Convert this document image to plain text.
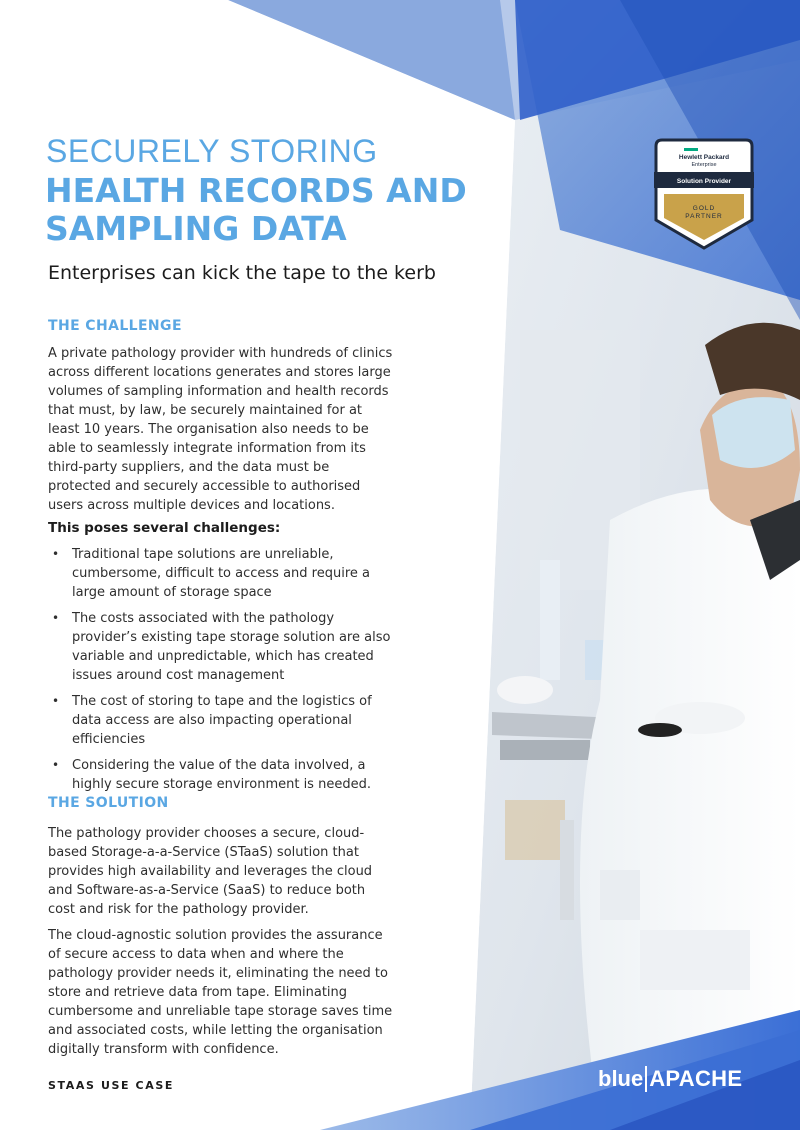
SECURELY STORING
HEALTH RECORDS AND
SAMPLING DATA
Enterprises can kick the tape to the kerb
THE CHALLENGE

A private pathology provider with hundreds of clinics across different locations generates and stores large volumes of sampling information and health records that must, by law, be securely maintained for at least 10 years. The organisation also needs to be able to seamlessly integrate information from its third-party suppliers, and the data must be protected and securely accessible to authorised users across multiple devices and locations.

This poses several challenges:
• Traditional tape solutions are unreliable, cumbersome, difficult to access and require a large amount of storage space
• The costs associated with the pathology provider’s existing tape storage solution are also variable and unpredictable, which has created issues around cost management
• The cost of storing to tape and the logistics of data access are also impacting operational efficiencies
• Considering the value of the data involved, a highly secure storage environment is needed.
THE SOLUTION

The pathology provider chooses a secure, cloud-based Storage-a-a-Service (STaaS) solution that provides high availability and leverages the cloud and Software-as-a-Service (SaaS) to reduce both cost and risk for the pathology provider.

The cloud-agnostic solution provides the assurance of secure access to data when and where the pathology provider needs it, eliminating the need to store and retrieve data from tape. Eliminating cumbersome and unreliable tape storage saves time and associated costs, while letting the organisation digitally transform with confidence.

Hewlett Packard
Enterprise
Solution Provider
GOLD
PARTNER
STAAS USE CASE	blue APACHE
